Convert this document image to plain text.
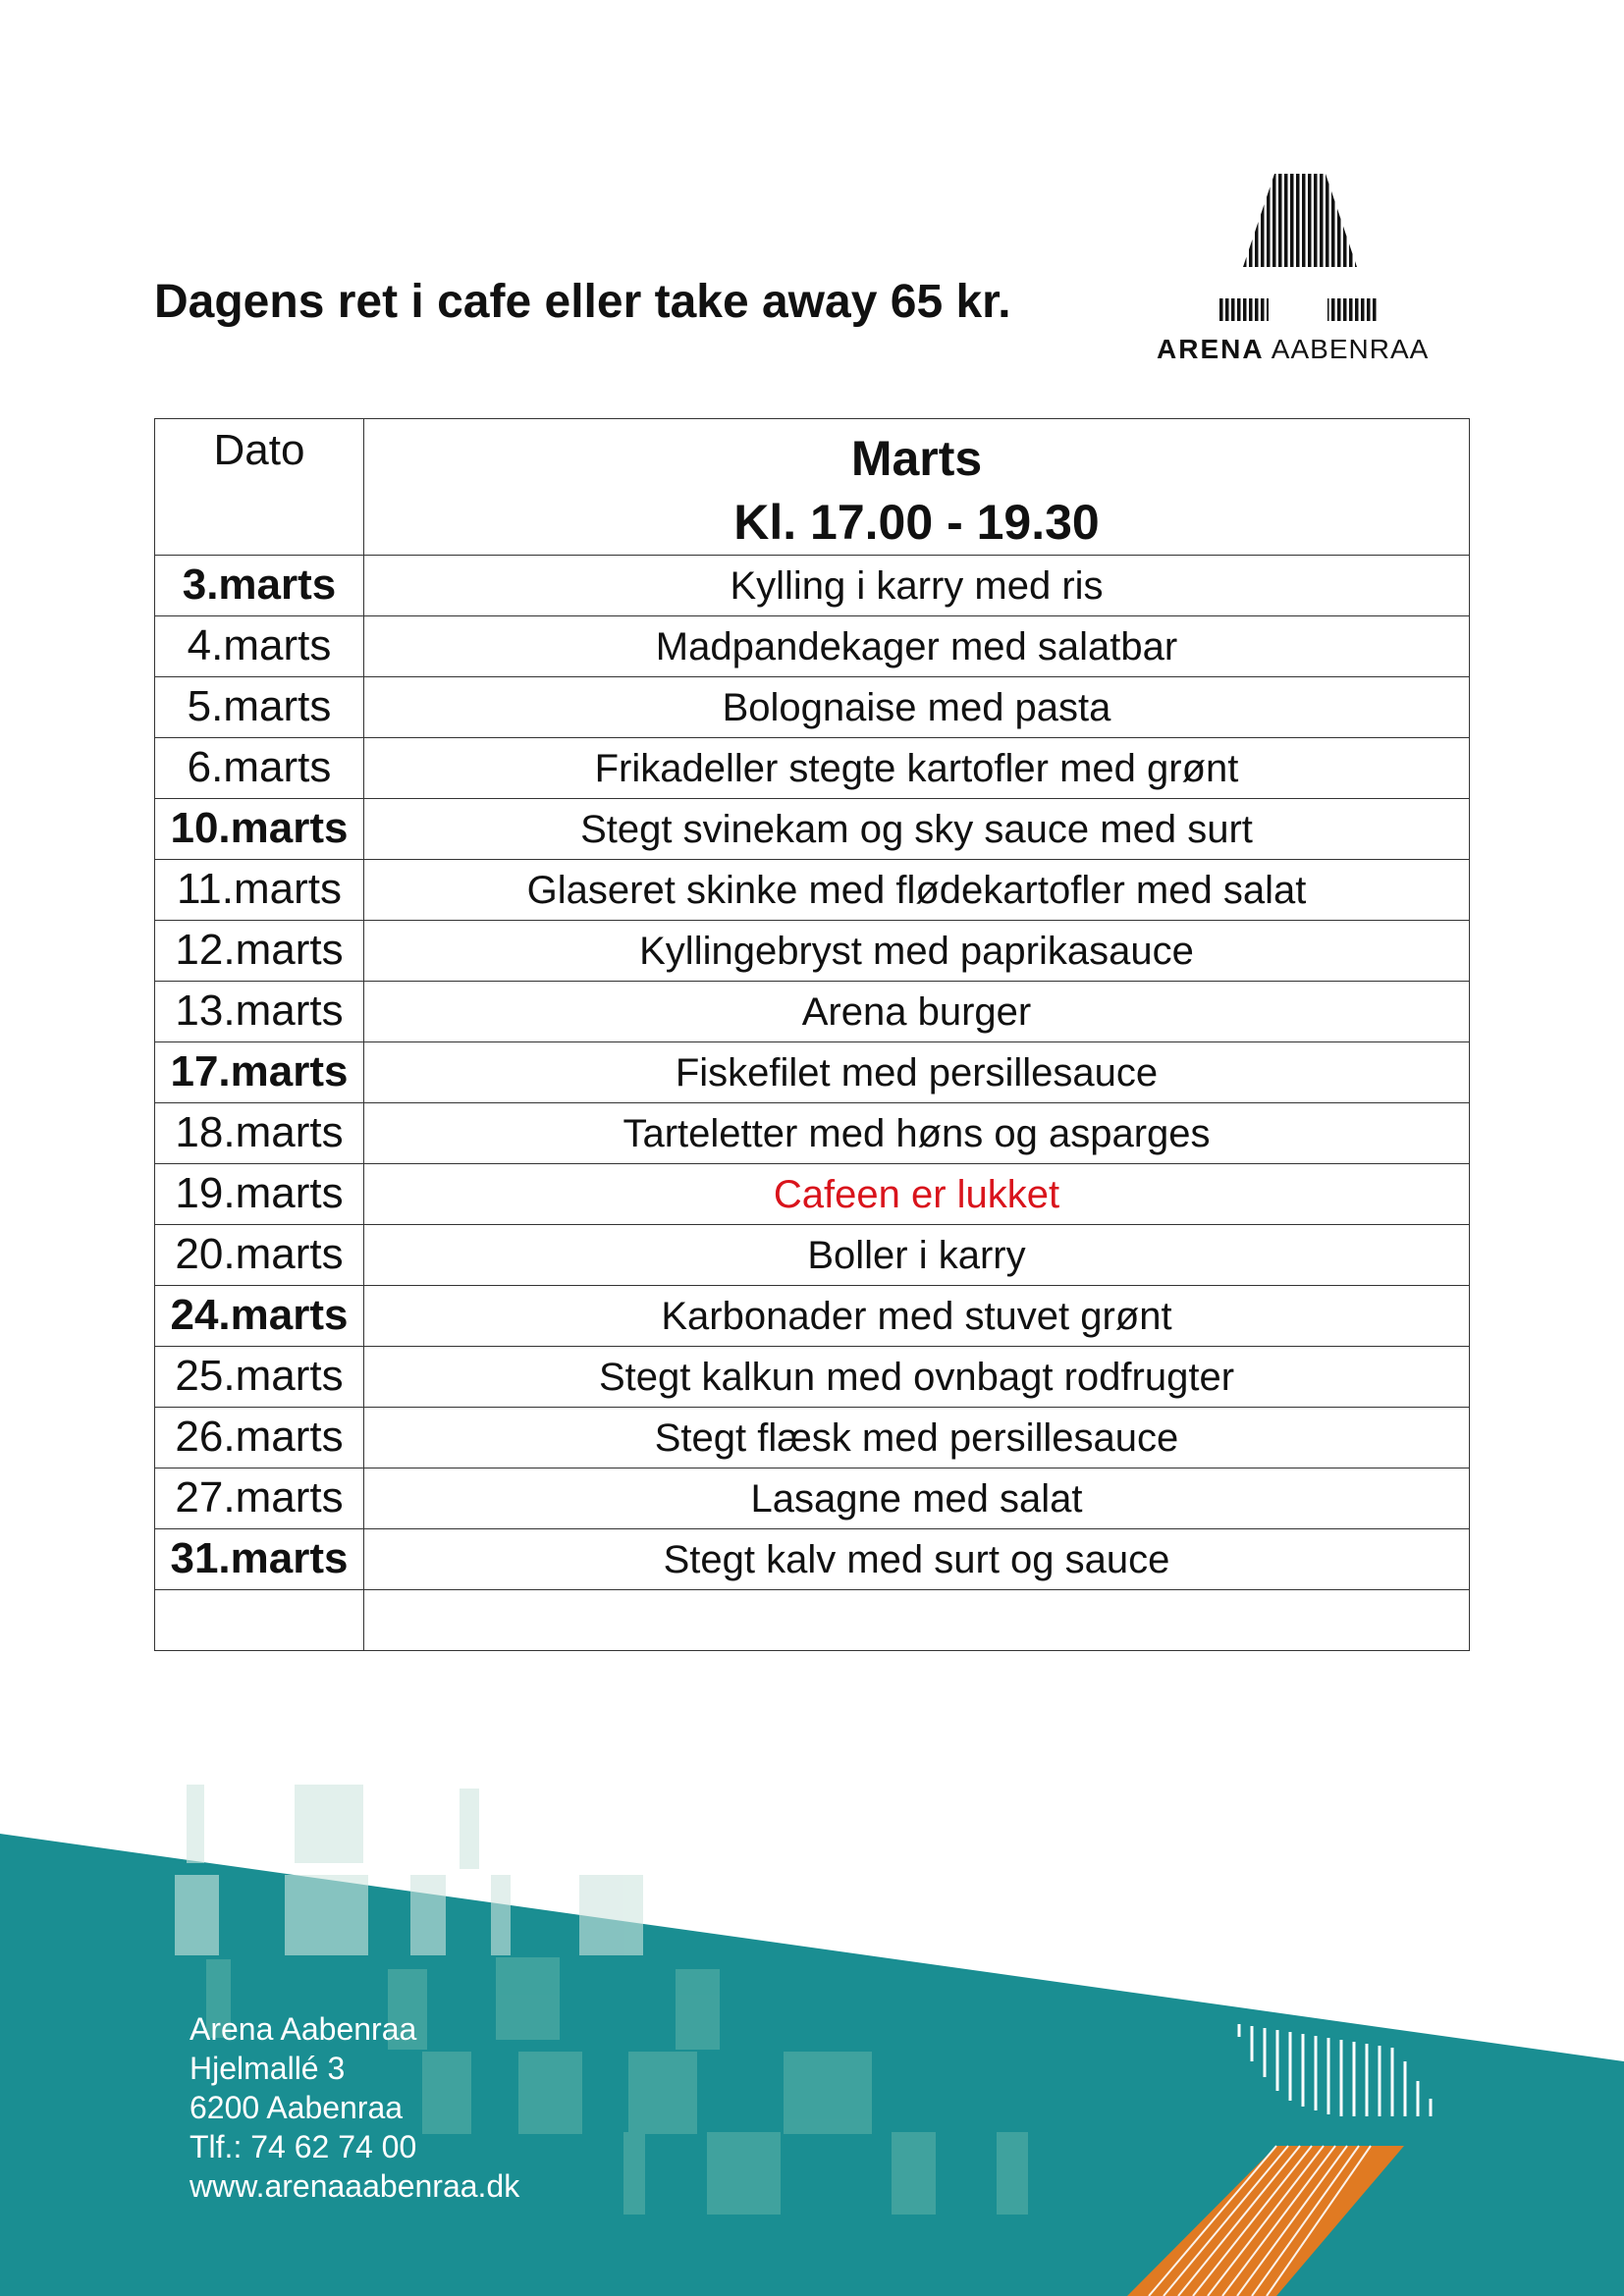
Dagens ret i cafe eller take away 65 kr.
ARENA AABENRAA
Dato	Marts
Kl. 17.00 - 19.30

3.marts	Kylling i karry med ris
4.marts	Madpandekager med salatbar
5.marts	Bolognaise med pasta
6.marts	Frikadeller stegte kartofler med grønt
10.marts	Stegt svinekam og sky sauce med surt
11.marts	Glaseret skinke med flødekartofler med salat
12.marts	Kyllingebryst med paprikasauce
13.marts	Arena burger
17.marts	Fiskefilet med persillesauce
18.marts	Tarteletter med høns og asparges
19.marts	Cafeen er lukket
20.marts	Boller i karry
24.marts	Karbonader med stuvet grønt
25.marts	Stegt kalkun med ovnbagt rodfrugter
26.marts	Stegt flæsk med persillesauce
27.marts	Lasagne med salat
31.marts	Stegt kalv med surt og sauce

Arena Aabenraa
Hjelmallé 3
6200 Aabenraa
Tlf.: 74 62 74 00
www.arenaaabenraa.dk
